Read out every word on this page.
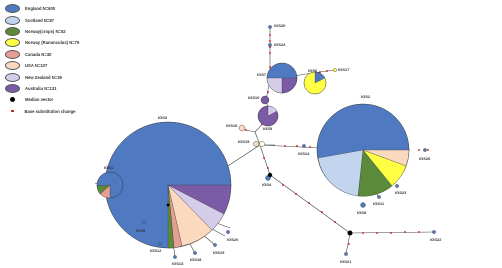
IGS3
IGS2
IGS1
IGS7
IGS6
IGS5
IGS10
IGS16
IGS15
IGS17
IGS20
IGS24
IGS4
IGS14
IGS26
IGS23
IGS11
IGS8
IGS9
IGS12
IGS13
IGS18
IGS19
IGS20
IGS21
IGS22
England N=600
Scotland N=87
Norway(crops) N=52
Norway (Ranunculus) N=79
Canada N=40
USA N=107
New Zealand N=39
Australia N=131
Median vector
Base substitution change
